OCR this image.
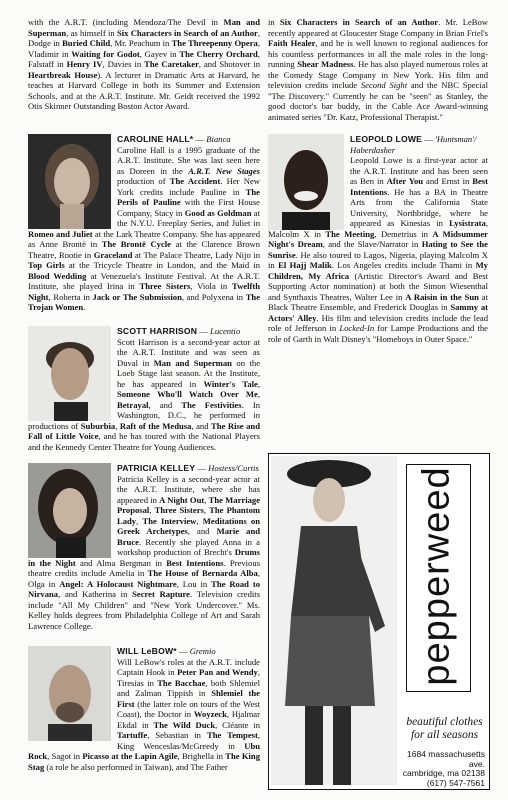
with the A.R.T. (including Mendoza/The Devil in Man and Superman, as himself in Six Characters in Search of an Author, Dodge in Buried Child, Mr. Peachum in The Threepenny Opera, Vladimir in Waiting for Godot, Gayev in The Cherry Orchard, Falstaff in Henry IV, Davies in The Caretaker, and Shotover in Heartbreak House). A lecturer in Dramatic Arts at Harvard, he teaches at Harvard College in both its Summer and Extension Schools, and at the A.R.T. Institute. Mr. Geidt received the 1992 Otis Skinner Outstanding Boston Actor Award.

in Six Characters in Search of an Author. Mr. LeBow recently appeared at Gloucester Stage Company in Brian Friel's Faith Healer, and he is well known to regional audiences for his countless performances in all the male roles in the long-running Shear Madness. He has also played numerous roles at the Comedy Stage Company in New York. His film and television credits include Second Sight and the NBC Special "The Discovery." Currently he can be "seen" as Stanley, the good doctor's bar buddy, in the Cable Ace Award-winning animated series "Dr. Katz, Professional Therapist."

CAROLINE HALL* — Bianca

Caroline Hall is a 1995 graduate of the A.R.T. Institute. She was last seen here as Doreen in the A.R.T. New Stages production of The Accident. Her New York credits include Pauline in The Perils of Pauline with the First House Company, Stacy in Good as Goldman at the N.Y.U. Freeplay Series, and Juliet in Romeo and Juliet at the Lark Theatre Company. She has appeared as Anne Brontë in The Brontë Cycle at the Clarence Brown Theatre, Rootie in Graceland at The Palace Theatre, Lady Nijo in Top Girls at the Tricycle Theatre in London, and the Maid in Blood Wedding at Venezuela's Institute Festival. At the A.R.T. Institute, she played Irina in Three Sisters, Viola in Twelfth Night, Roberta in Jack or The Submission, and Polyxena in The Trojan Women.

SCOTT HARRISON — Lucentio

Scott Harrison is a second-year actor at the A.R.T. Institute and was seen as Duval in Man and Superman on the Loeb Stage last season. At the Institute, he has appeared in Winter's Tale, Someone Who'll Watch Over Me, Betrayal, and The Festivities. In Washington, D.C., he performed in productions of Suburbia, Raft of the Medusa, and The Rise and Fall of Little Voice, and he has toured with the National Players and the Kennedy Center Theatre for Young Audiences.

PATRICIA KELLEY — Hostess/Curtis

Patricia Kelley is a second-year actor at the A.R.T. Institute, where she has appeared in A Night Out, The Marriage Proposal, Three Sisters, The Phantom Lady, The Interview, Meditations on Greek Archetypes, and Marie and Bruce. Recently she played Anna in a workshop production of Brecht's Drums in the Night and Alma Bergman in Best Intentions. Previous theatre credits include Amelia in The House of Bernarda Alba, Olga in Angel: A Holocaust Nightmare, Lou in The Road to Nirvana, and Katherina in Secret Rapture. Television credits include "All My Children" and "New York Undercover." Ms. Kelley holds degrees from Philadelphia College of Art and Sarah Lawrence College.

WILL LeBOW* — Gremio

Will LeBow's roles at the A.R.T. include Captain Hook in Peter Pan and Wendy, Tiresias in The Bacchae, both Shlemiel and Zalman Tippish in Shlemiel the First (the latter role on tours of the West Coast), the Doctor in Woyzeck, Hjalmar Ekdal in The Wild Duck, Cléante in Tartuffe, Sebastian in The Tempest, King Wenceslas/McGreedy in Ubu Rock, Sagot in Picasso at the Lapin Agile, Brighella in The King Stag (a role he also performed in Taiwan), and The Father

LEOPOLD LOWE — 'Huntsman'/ Haberdasher

Leopold Lowe is a first-year actor at the A.R.T. Institute and has been seen as Ben in After You and Ernst in Best Intentions. He has a BA in Theatre Arts from the California State University, Northbridge, where he appeared as Kinesias in Lysistrata, Malcolm X in The Meeting, Demetrius in A Midsummer Night's Dream, and the Slave/Narrator in Hating to See the Sunrise. He also toured to Lagos, Nigeria, playing Malcolm X in El Hajj Malik. Los Angeles credits include Thami in My Children, My Africa (Artistic Director's Award and Best Supporting Actor nomination) at both the Simon Wiesenthal and Synthaxis Theatres, Walter Lee in A Raisin in the Sun at Black Theatre Ensemble, and Frederick Douglas in Sammy at Actors' Alley. His film and television credits include the lead role of Jefferson in Locked-In for Lampe Productions and the role of Garth in Walt Disney's "Homeboys in Outer Space."

pepperweed
beautiful clothes for all seasons
1684 massachusetts ave.
cambridge, ma 02138
(617) 547-7561
